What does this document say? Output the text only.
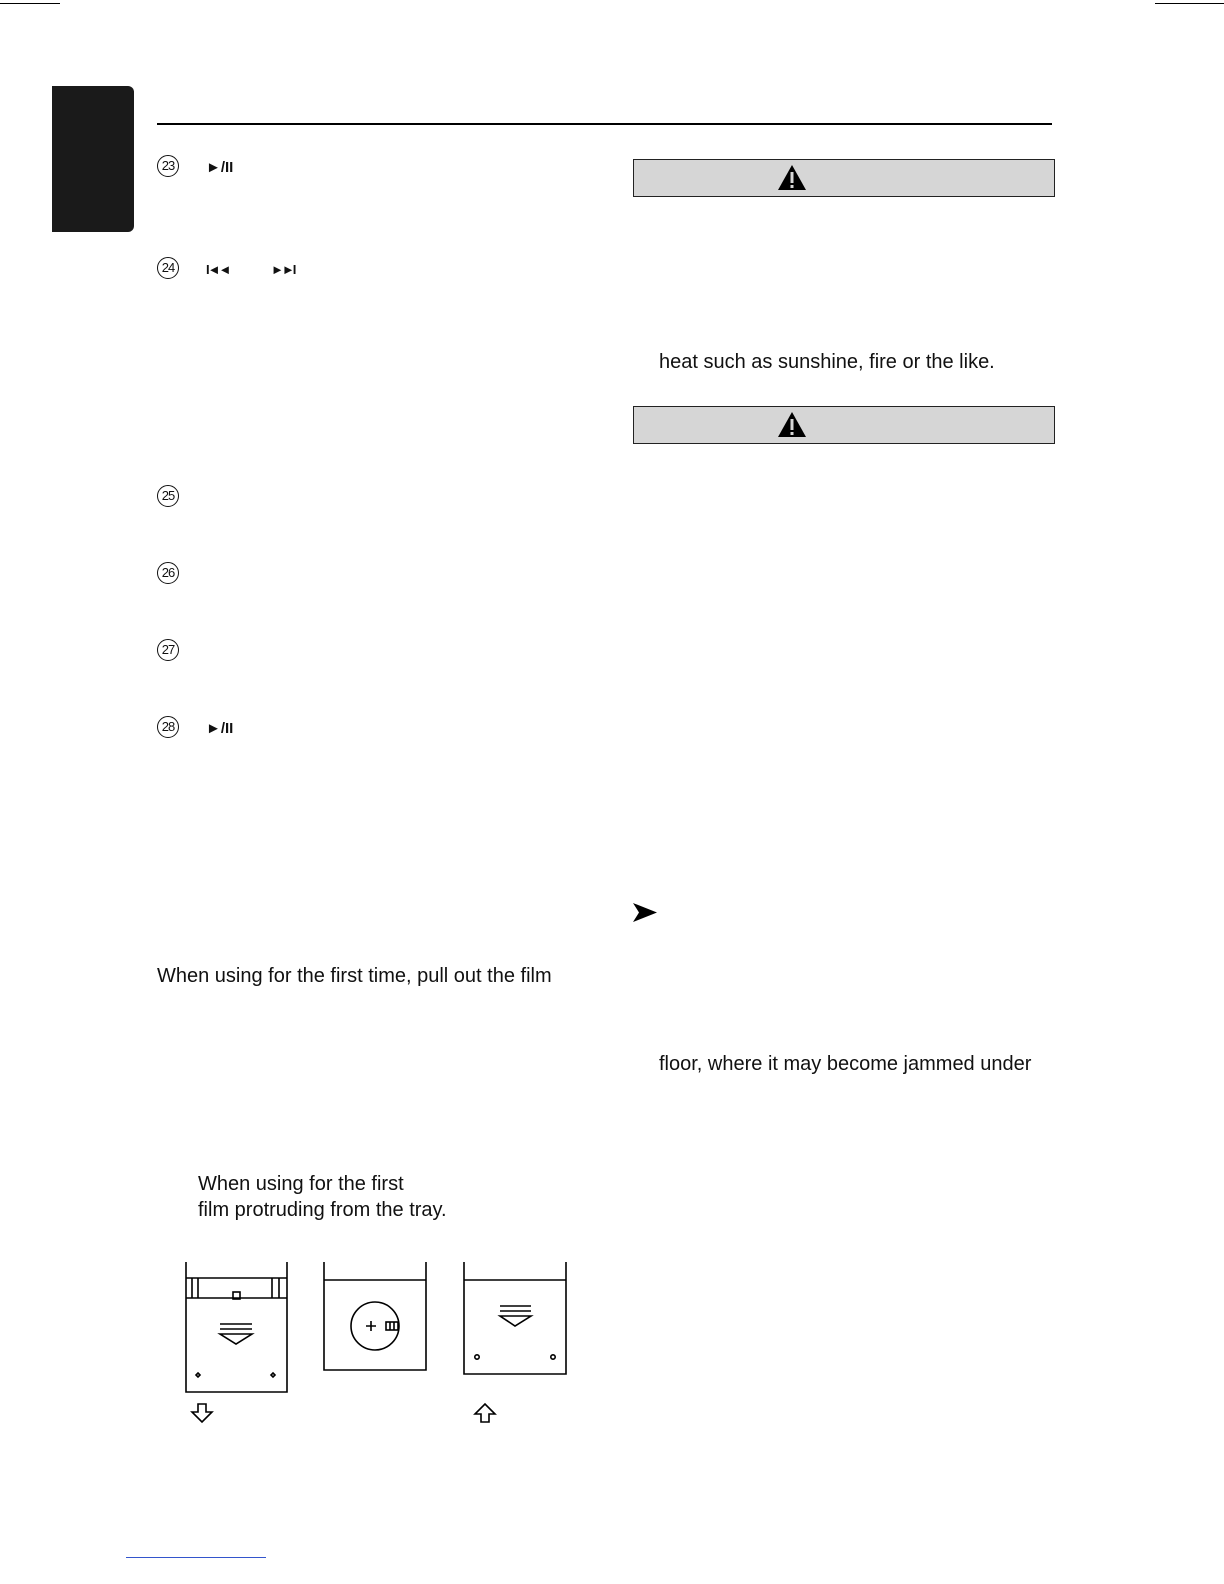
23	►/II
24	I◄◄	►►I
25
26
27
28	►/II
When using for the first time, pull out the film
When using for the first
film protruding from the tray.
heat such as sunshine, fire or the like.
floor, where it may become jammed under
